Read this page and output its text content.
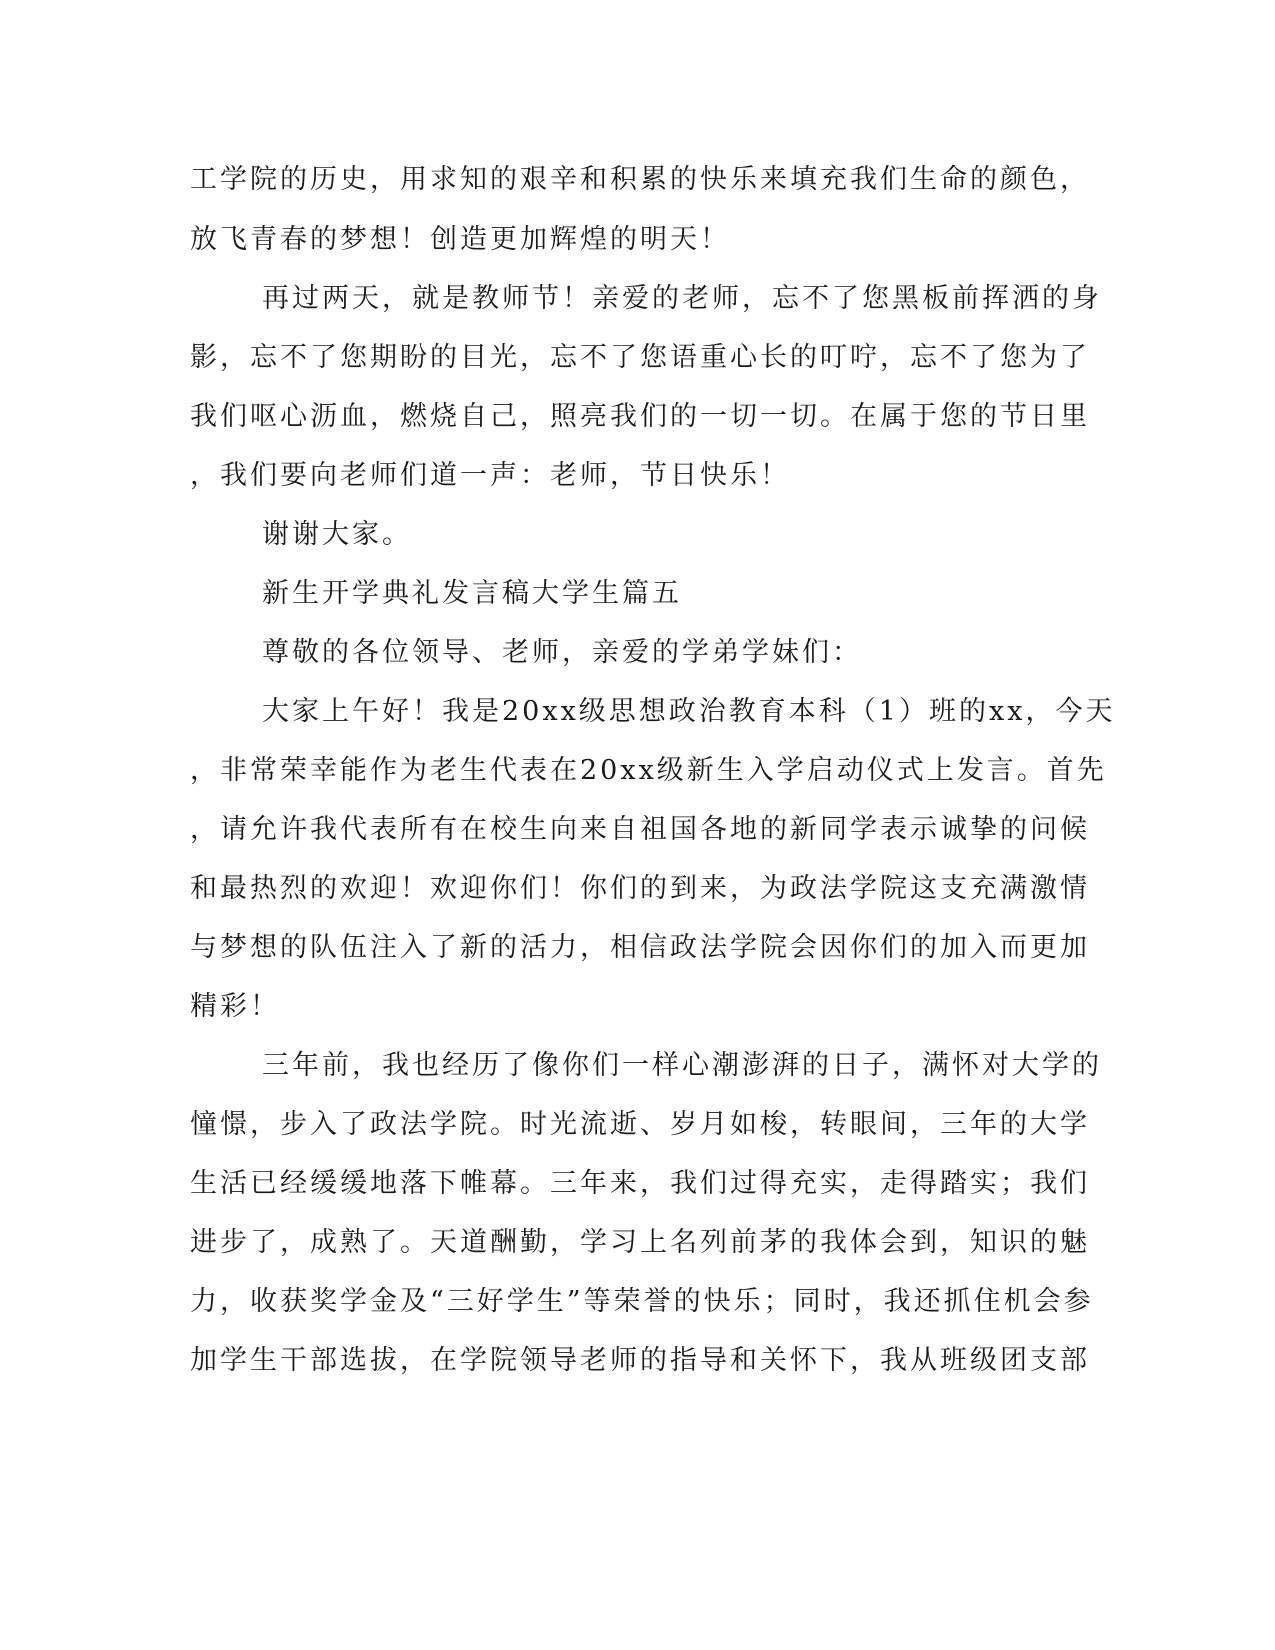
工学院的历史，用求知的艰辛和积累的快乐来填充我们生命的颜色，
放飞青春的梦想！创造更加辉煌的明天！
再过两天，就是教师节！亲爱的老师，忘不了您黑板前挥洒的身
影，忘不了您期盼的目光，忘不了您语重心长的叮咛，忘不了您为了
我们呕心沥血，燃烧自己，照亮我们的一切一切。在属于您的节日里
，我们要向老师们道一声：老师，节日快乐！
谢谢大家。
新生开学典礼发言稿大学生篇五
尊敬的各位领导、老师，亲爱的学弟学妹们：
大家上午好！我是20xx级思想政治教育本科（1）班的xx，今天
，非常荣幸能作为老生代表在20xx级新生入学启动仪式上发言。首先
，请允许我代表所有在校生向来自祖国各地的新同学表示诚挚的问候
和最热烈的欢迎！欢迎你们！你们的到来，为政法学院这支充满激情
与梦想的队伍注入了新的活力，相信政法学院会因你们的加入而更加
精彩！
三年前，我也经历了像你们一样心潮澎湃的日子，满怀对大学的
憧憬，步入了政法学院。时光流逝、岁月如梭，转眼间，三年的大学
生活已经缓缓地落下帷幕。三年来，我们过得充实，走得踏实；我们
进步了，成熟了。天道酬勤，学习上名列前茅的我体会到，知识的魅
力，收获奖学金及“三好学生”等荣誉的快乐；同时，我还抓住机会参
加学生干部选拔，在学院领导老师的指导和关怀下，我从班级团支部
